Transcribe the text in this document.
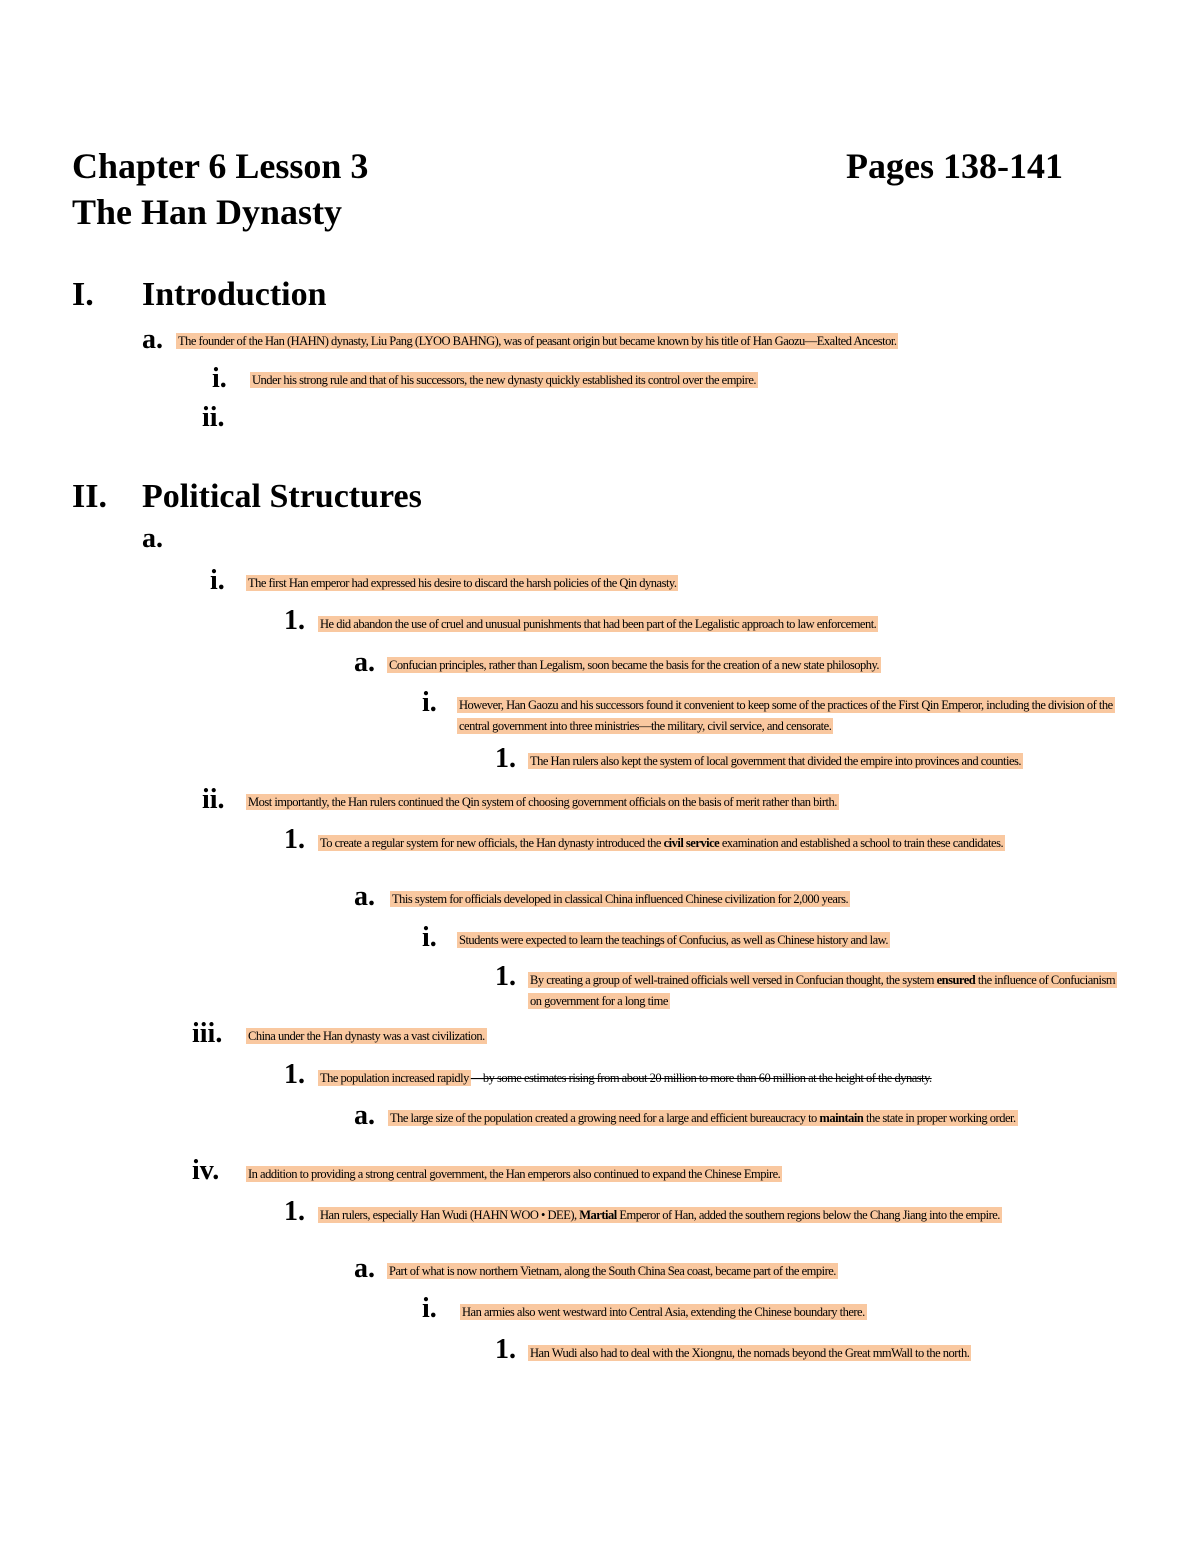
Chapter 6 Lesson 3
The Han Dynasty
Pages 138-141
I. Introduction
a. The founder of the Han (HAHN) dynasty, Liu Pang (LYOO BAHNG), was of peasant origin but became known by his title of Han Gaozu—Exalted Ancestor.
i. Under his strong rule and that of his successors, the new dynasty quickly established its control over the empire.
ii.
II. Political Structures
a.
i. The first Han emperor had expressed his desire to discard the harsh policies of the Qin dynasty.
1. He did abandon the use of cruel and unusual punishments that had been part of the Legalistic approach to law enforcement.
a. Confucian principles, rather than Legalism, soon became the basis for the creation of a new state philosophy.
i. However, Han Gaozu and his successors found it convenient to keep some of the practices of the First Qin Emperor, including the division of the central government into three ministries—the military, civil service, and censorate.
1. The Han rulers also kept the system of local government that divided the empire into provinces and counties.
ii. Most importantly, the Han rulers continued the Qin system of choosing government officials on the basis of merit rather than birth.
1. To create a regular system for new officials, the Han dynasty introduced the civil service examination and established a school to train these candidates.
a. This system for officials developed in classical China influenced Chinese civilization for 2,000 years.
i. Students were expected to learn the teachings of Confucius, as well as Chinese history and law.
1. By creating a group of well-trained officials well versed in Confucian thought, the system ensured the influence of Confucianism on government for a long time
iii. China under the Han dynasty was a vast civilization.
1. The population increased rapidly —by some estimates rising from about 20 million to more than 60 million at the height of the dynasty.
a. The large size of the population created a growing need for a large and efficient bureaucracy to maintain the state in proper working order.
iv. In addition to providing a strong central government, the Han emperors also continued to expand the Chinese Empire.
1. Han rulers, especially Han Wudi (HAHN WOO • DEE), Martial Emperor of Han, added the southern regions below the Chang Jiang into the empire.
a. Part of what is now northern Vietnam, along the South China Sea coast, became part of the empire.
i. Han armies also went westward into Central Asia, extending the Chinese boundary there.
1. Han Wudi also had to deal with the Xiongnu, the nomads beyond the Great mmWall to the north.
